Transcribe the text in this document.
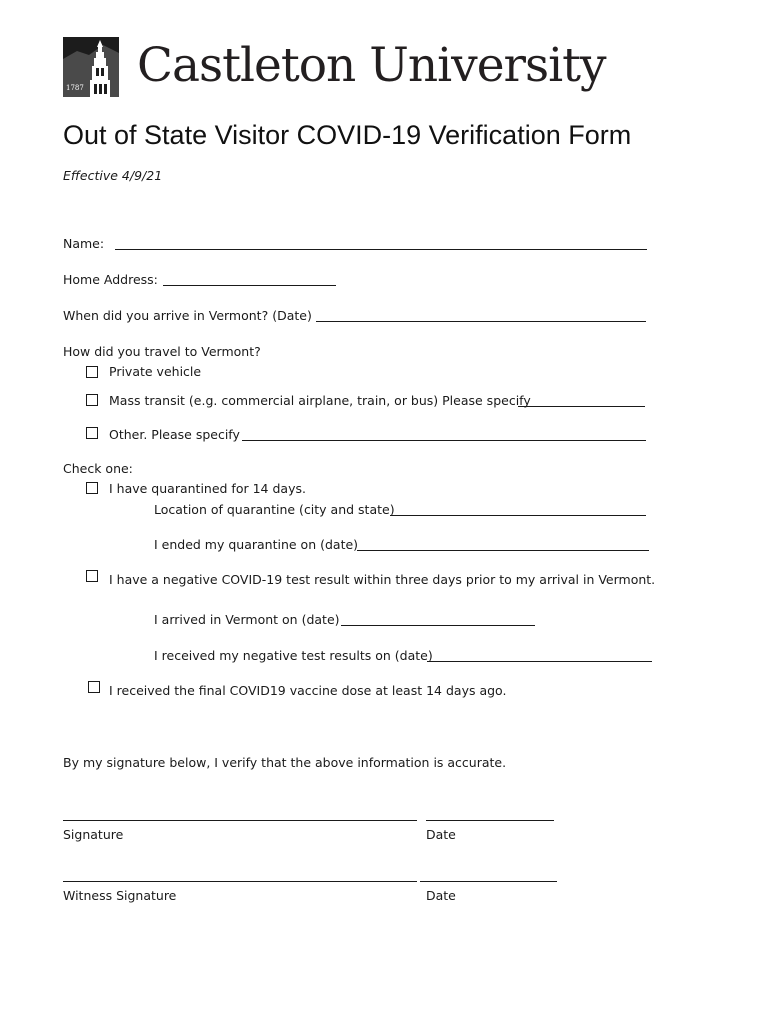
1787 Castleton University
Out of State Visitor COVID-19 Verification Form
Effective 4/9/21
Name:
Home Address:
When did you arrive in Vermont? (Date)
How did you travel to Vermont?
Private vehicle
Mass transit (e.g. commercial airplane, train, or bus) Please specify
Other. Please specify
Check one:
I have quarantined for 14 days.
Location of quarantine (city and state)
I ended my quarantine on (date)
I have a negative COVID-19 test result within three days prior to my arrival in Vermont.
I arrived in Vermont on (date)
I received my negative test results on (date)
I received the final COVID19 vaccine dose at least 14 days ago.
By my signature below, I verify that the above information is accurate.
Signature	Date
Witness Signature	Date
